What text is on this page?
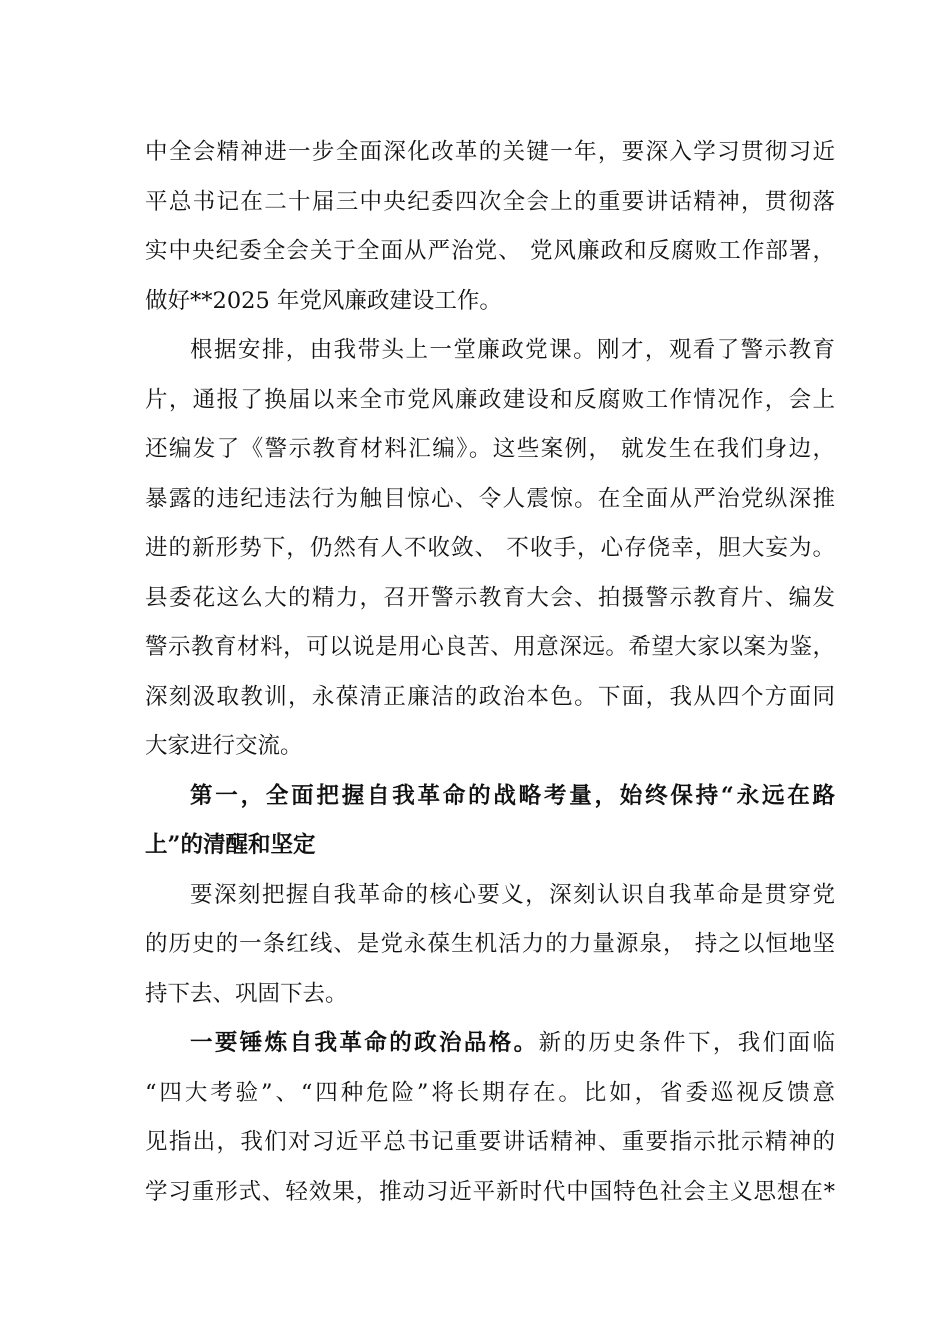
中全会精神进一步全面深化改革的关键一年，要深入学习贯彻习近
平总书记在二十届三中央纪委四次全会上的重要讲话精神，贯彻落
实中央纪委全会关于全面从严治党、 党风廉政和反腐败工作部署，
做好**2025 年党风廉政建设工作。
根据安排，由我带头上一堂廉政党课。刚才，观看了警示教育
片，通报了换届以来全市党风廉政建设和反腐败工作情况作，会上
还编发了《警示教育材料汇编》。这些案例， 就发生在我们身边，
暴露的违纪违法行为触目惊心、令人震惊。在全面从严治党纵深推
进的新形势下，仍然有人不收敛、 不收手，心存侥幸，胆大妄为。
县委花这么大的精力，召开警示教育大会、拍摄警示教育片、编发
警示教育材料，可以说是用心良苦、用意深远。希望大家以案为鉴，
深刻汲取教训，永葆清正廉洁的政治本色。下面，我从四个方面同
大家进行交流。
第一，全面把握自我革命的战略考量，始终保持“永远在路
上”的清醒和坚定
要深刻把握自我革命的核心要义，深刻认识自我革命是贯穿党
的历史的一条红线、是党永葆生机活力的力量源泉， 持之以恒地坚
持下去、巩固下去。
一要锤炼自我革命的政治品格。新的历史条件下，我们面临
“四大考验”、“四种危险”将长期存在。比如，省委巡视反馈意
见指出，我们对习近平总书记重要讲话精神、重要指示批示精神的
学习重形式、轻效果，推动习近平新时代中国特色社会主义思想在*
